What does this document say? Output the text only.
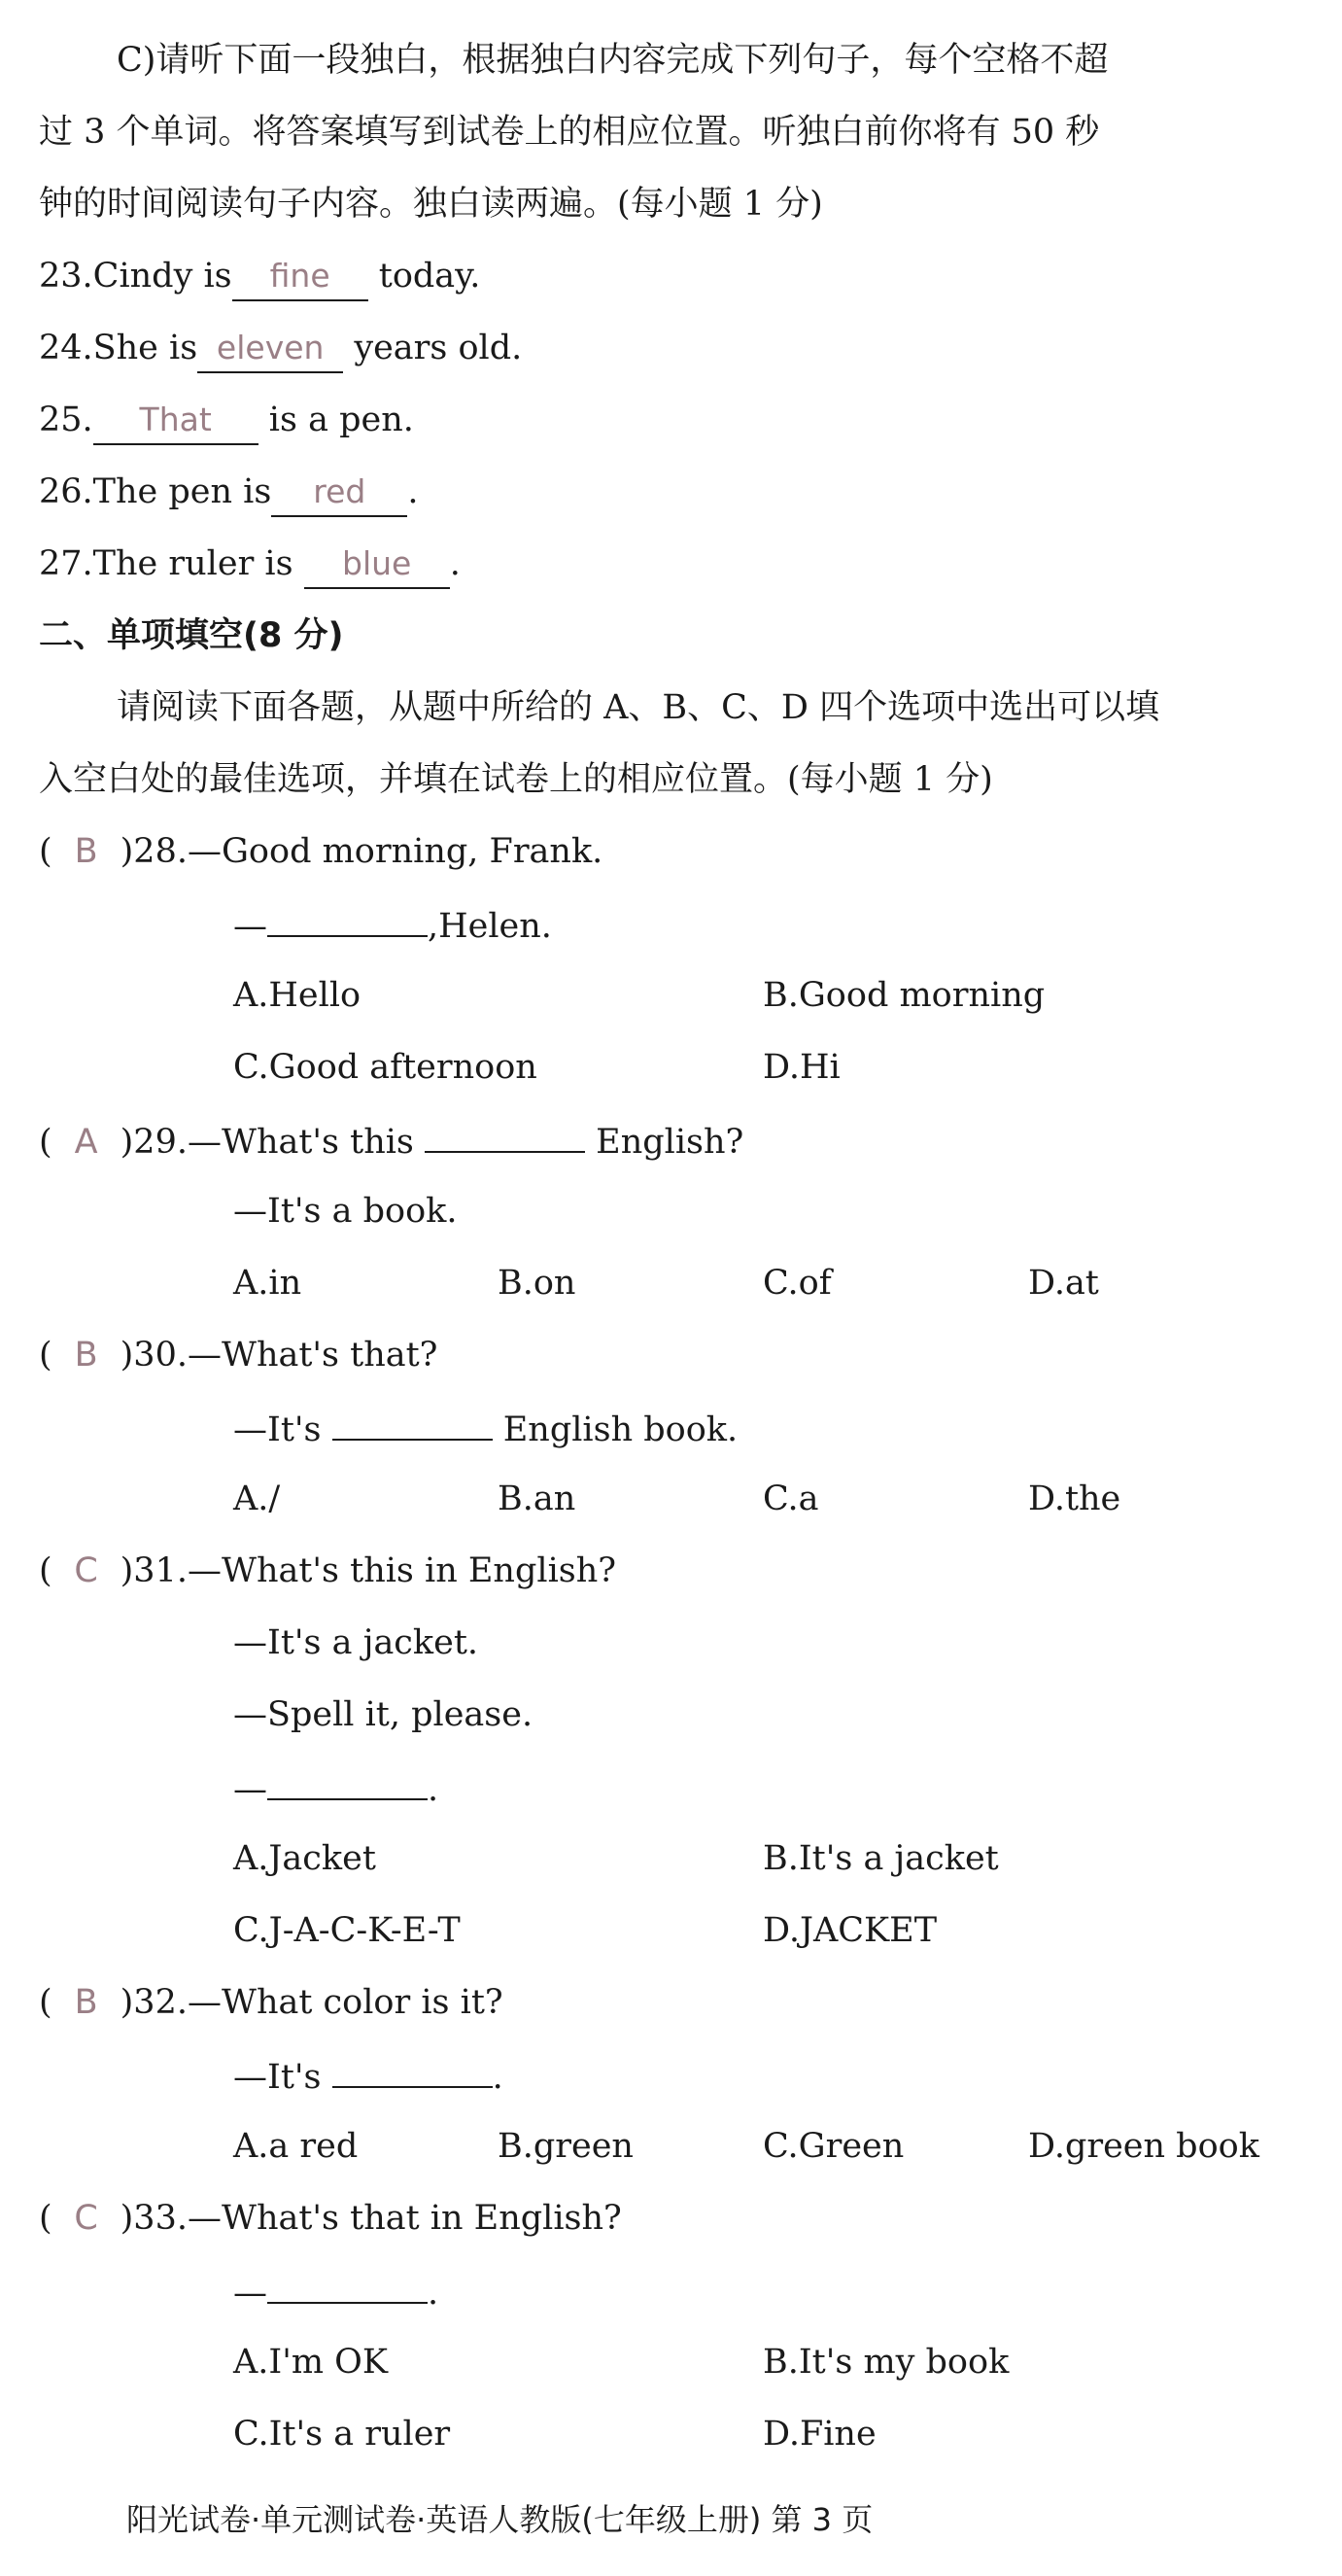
C)请听下面一段独白，根据独白内容完成下列句子，每个空格不超
过 3 个单词。将答案填写到试卷上的相应位置。听独白前你将有 50 秒
钟的时间阅读句子内容。独白读两遍。(每小题 1 分)
23.Cindy is fine today.
24.She is eleven years old.
25. That is a pen.
26.The pen is red .
27.The ruler is blue .
二、单项填空(8 分)
请阅读下面各题，从题中所给的 A、B、C、D 四个选项中选出可以填
入空白处的最佳选项，并填在试卷上的相应位置。(每小题 1 分)
( B )28.—Good morning, Frank.
—	,Helen.
A.Hello	B.Good morning
C.Good afternoon	D.Hi
( A )29.—What's this	English?
—It's a book.
A.in	B.on	C.of	D.at
( B )30.—What's that?
—It's	English book.
A./	B.an	C.a	D.the
( C )31.—What's this in English?
—It's a jacket.
—Spell it, please.
—	.
A.Jacket	B.It's a jacket
C.J-A-C-K-E-T	D.JACKET
( B )32.—What color is it?
—It's	.
A.a red	B.green	C.Green	D.green book
( C )33.—What's that in English?
—	.
A.I'm OK	B.It's my book
C.It's a ruler	D.Fine
阳光试卷·单元测试卷·英语人教版(七年级上册) 第 3 页
